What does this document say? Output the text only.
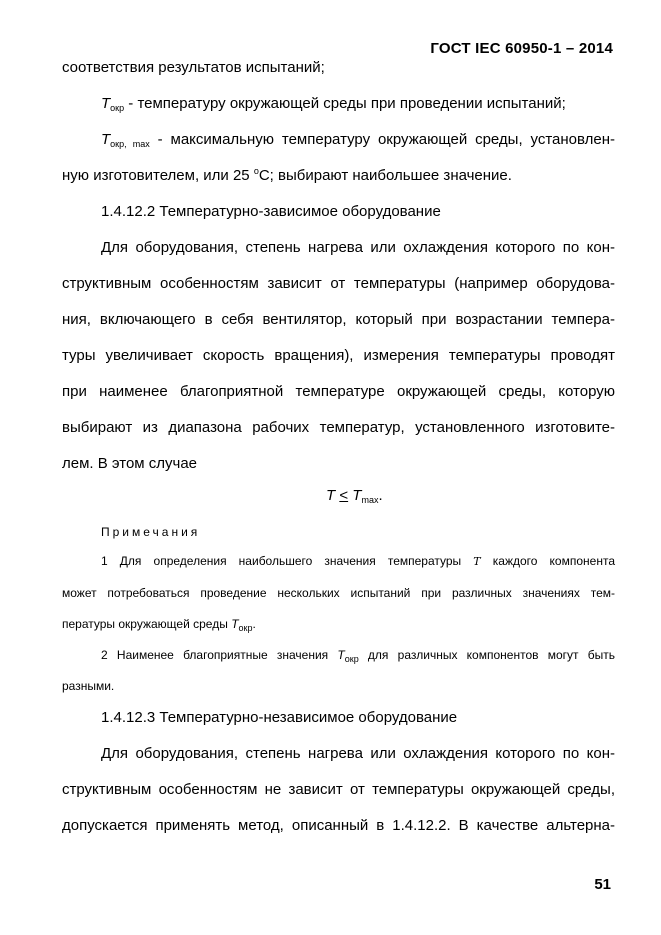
ГОСТ IEC 60950-1 – 2014
соответствия результатов испытаний;
$T_{окр}$ - температуру окружающей среды при проведении испытаний;
$T_{окр, max}$ - максимальную температуру окружающей среды, установлен-
ную изготовителем, или 25 $^о$С; выбирают наибольшее значение.
1.4.12.2 Температурно-зависимое оборудование
Для оборудования, степень нагрева или охлаждения которого по кон-
структивным особенностям зависит от температуры (например оборудова-
ния, включающего в себя вентилятор, который при возрастании темпера-
туры увеличивает скорость вращения), измерения температуры проводят
при наименее благоприятной температуре окружающей среды, которую
выбирают из диапазона рабочих температур, установленного изготовите-
лем. В этом случае
$T < T_{max}$.
Примечания
1 Для определения наибольшего значения температуры T каждого компонента
может потребоваться проведение нескольких испытаний при различных значениях тем-
пературы окружающей среды $T_{окр}$.
2 Наименее благоприятные значения $T_{окр}$ для различных компонентов могут быть
разными.
1.4.12.3 Температурно-независимое оборудование
Для оборудования, степень нагрева или охлаждения которого по кон-
структивным особенностям не зависит от температуры окружающей среды,
допускается применять метод, описанный в 1.4.12.2. В качестве альтерна-
51
